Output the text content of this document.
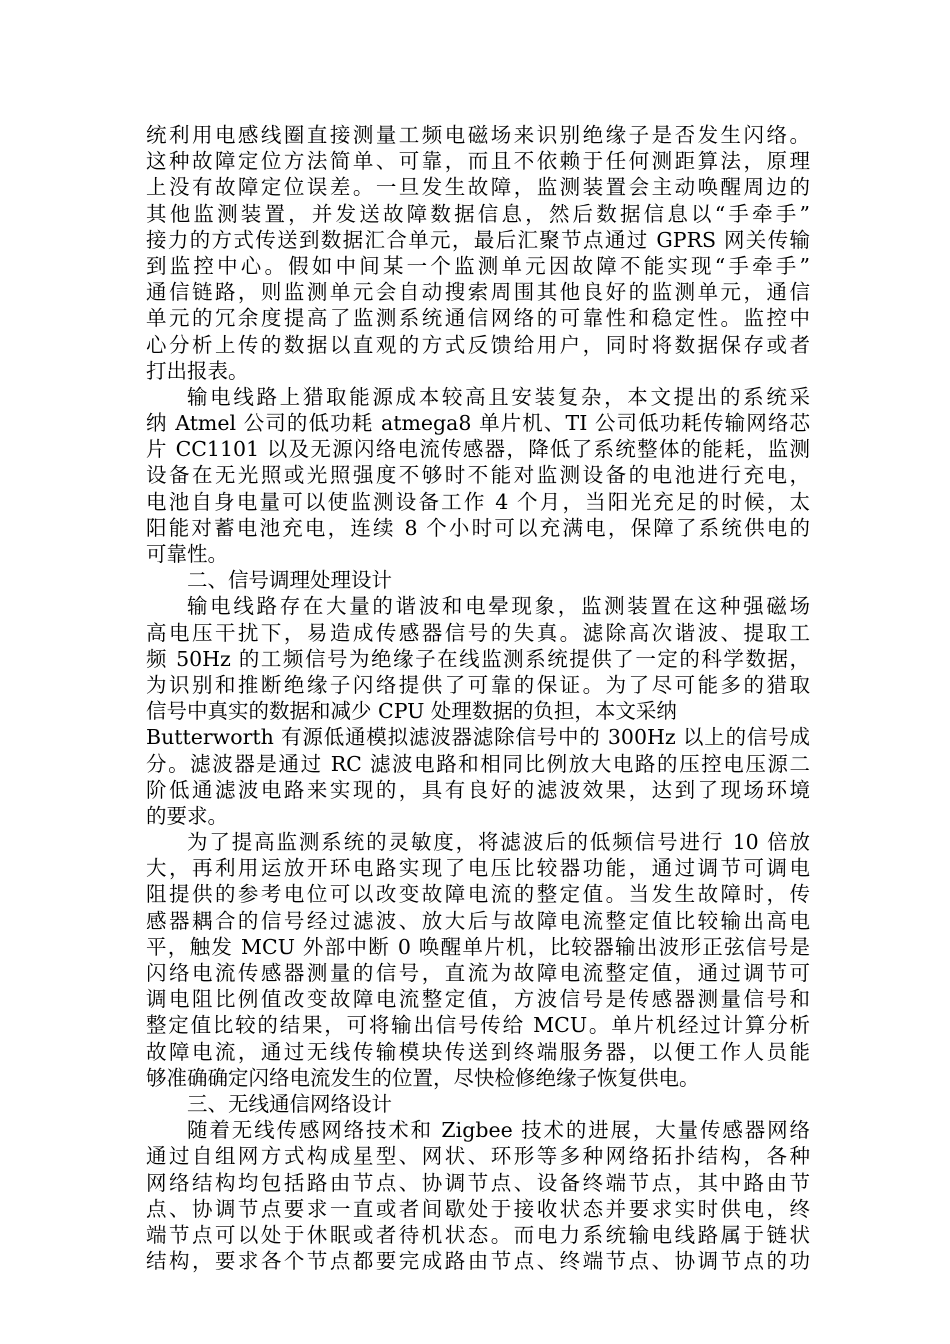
统利用电感线圈直接测量工频电磁场来识别绝缘子是否发生闪络。
这种故障定位方法简单、可靠，而且不依赖于任何测距算法，原理
上没有故障定位误差。一旦发生故障，监测装置会主动唤醒周边的
其他监测装置，并发送故障数据信息，然后数据信息以“手牵手”
接力的方式传送到数据汇合单元，最后汇聚节点通过 GPRS 网关传输
到监控中心。假如中间某一个监测单元因故障不能实现“手牵手”
通信链路，则监测单元会自动搜索周围其他良好的监测单元，通信
单元的冗余度提高了监测系统通信网络的可靠性和稳定性。监控中
心分析上传的数据以直观的方式反馈给用户，同时将数据保存或者
打出报表。
输电线路上猎取能源成本较高且安装复杂，本文提出的系统采
纳 Atmel 公司的低功耗 atmega8 单片机、TI 公司低功耗传输网络芯
片 CC1101 以及无源闪络电流传感器，降低了系统整体的能耗，监测
设备在无光照或光照强度不够时不能对监测设备的电池进行充电，
电池自身电量可以使监测设备工作 4 个月，当阳光充足的时候，太
阳能对蓄电池充电，连续 8 个小时可以充满电，保障了系统供电的
可靠性。
二、信号调理处理设计
输电线路存在大量的谐波和电晕现象，监测装置在这种强磁场
高电压干扰下，易造成传感器信号的失真。滤除高次谐波、提取工
频 50Hz 的工频信号为绝缘子在线监测系统提供了一定的科学数据，
为识别和推断绝缘子闪络提供了可靠的保证。为了尽可能多的猎取
信号中真实的数据和减少 CPU 处理数据的负担，本文采纳
Butterworth 有源低通模拟滤波器滤除信号中的 300Hz 以上的信号成
分。滤波器是通过 RC 滤波电路和相同比例放大电路的压控电压源二
阶低通滤波电路来实现的，具有良好的滤波效果，达到了现场环境
的要求。
为了提高监测系统的灵敏度，将滤波后的低频信号进行 10 倍放
大，再利用运放开环电路实现了电压比较器功能，通过调节可调电
阻提供的参考电位可以改变故障电流的整定值。当发生故障时，传
感器耦合的信号经过滤波、放大后与故障电流整定值比较输出高电
平，触发 MCU 外部中断 0 唤醒单片机，比较器输出波形正弦信号是
闪络电流传感器测量的信号，直流为故障电流整定值，通过调节可
调电阻比例值改变故障电流整定值，方波信号是传感器测量信号和
整定值比较的结果，可将输出信号传给 MCU。单片机经过计算分析
故障电流，通过无线传输模块传送到终端服务器，以便工作人员能
够准确确定闪络电流发生的位置，尽快检修绝缘子恢复供电。
三、无线通信网络设计
随着无线传感网络技术和 Zigbee 技术的进展，大量传感器网络
通过自组网方式构成星型、网状、环形等多种网络拓扑结构，各种
网络结构均包括路由节点、协调节点、设备终端节点，其中路由节
点、协调节点要求一直或者间歇处于接收状态并要求实时供电，终
端节点可以处于休眠或者待机状态。而电力系统输电线路属于链状
结构，要求各个节点都要完成路由节点、终端节点、协调节点的功
